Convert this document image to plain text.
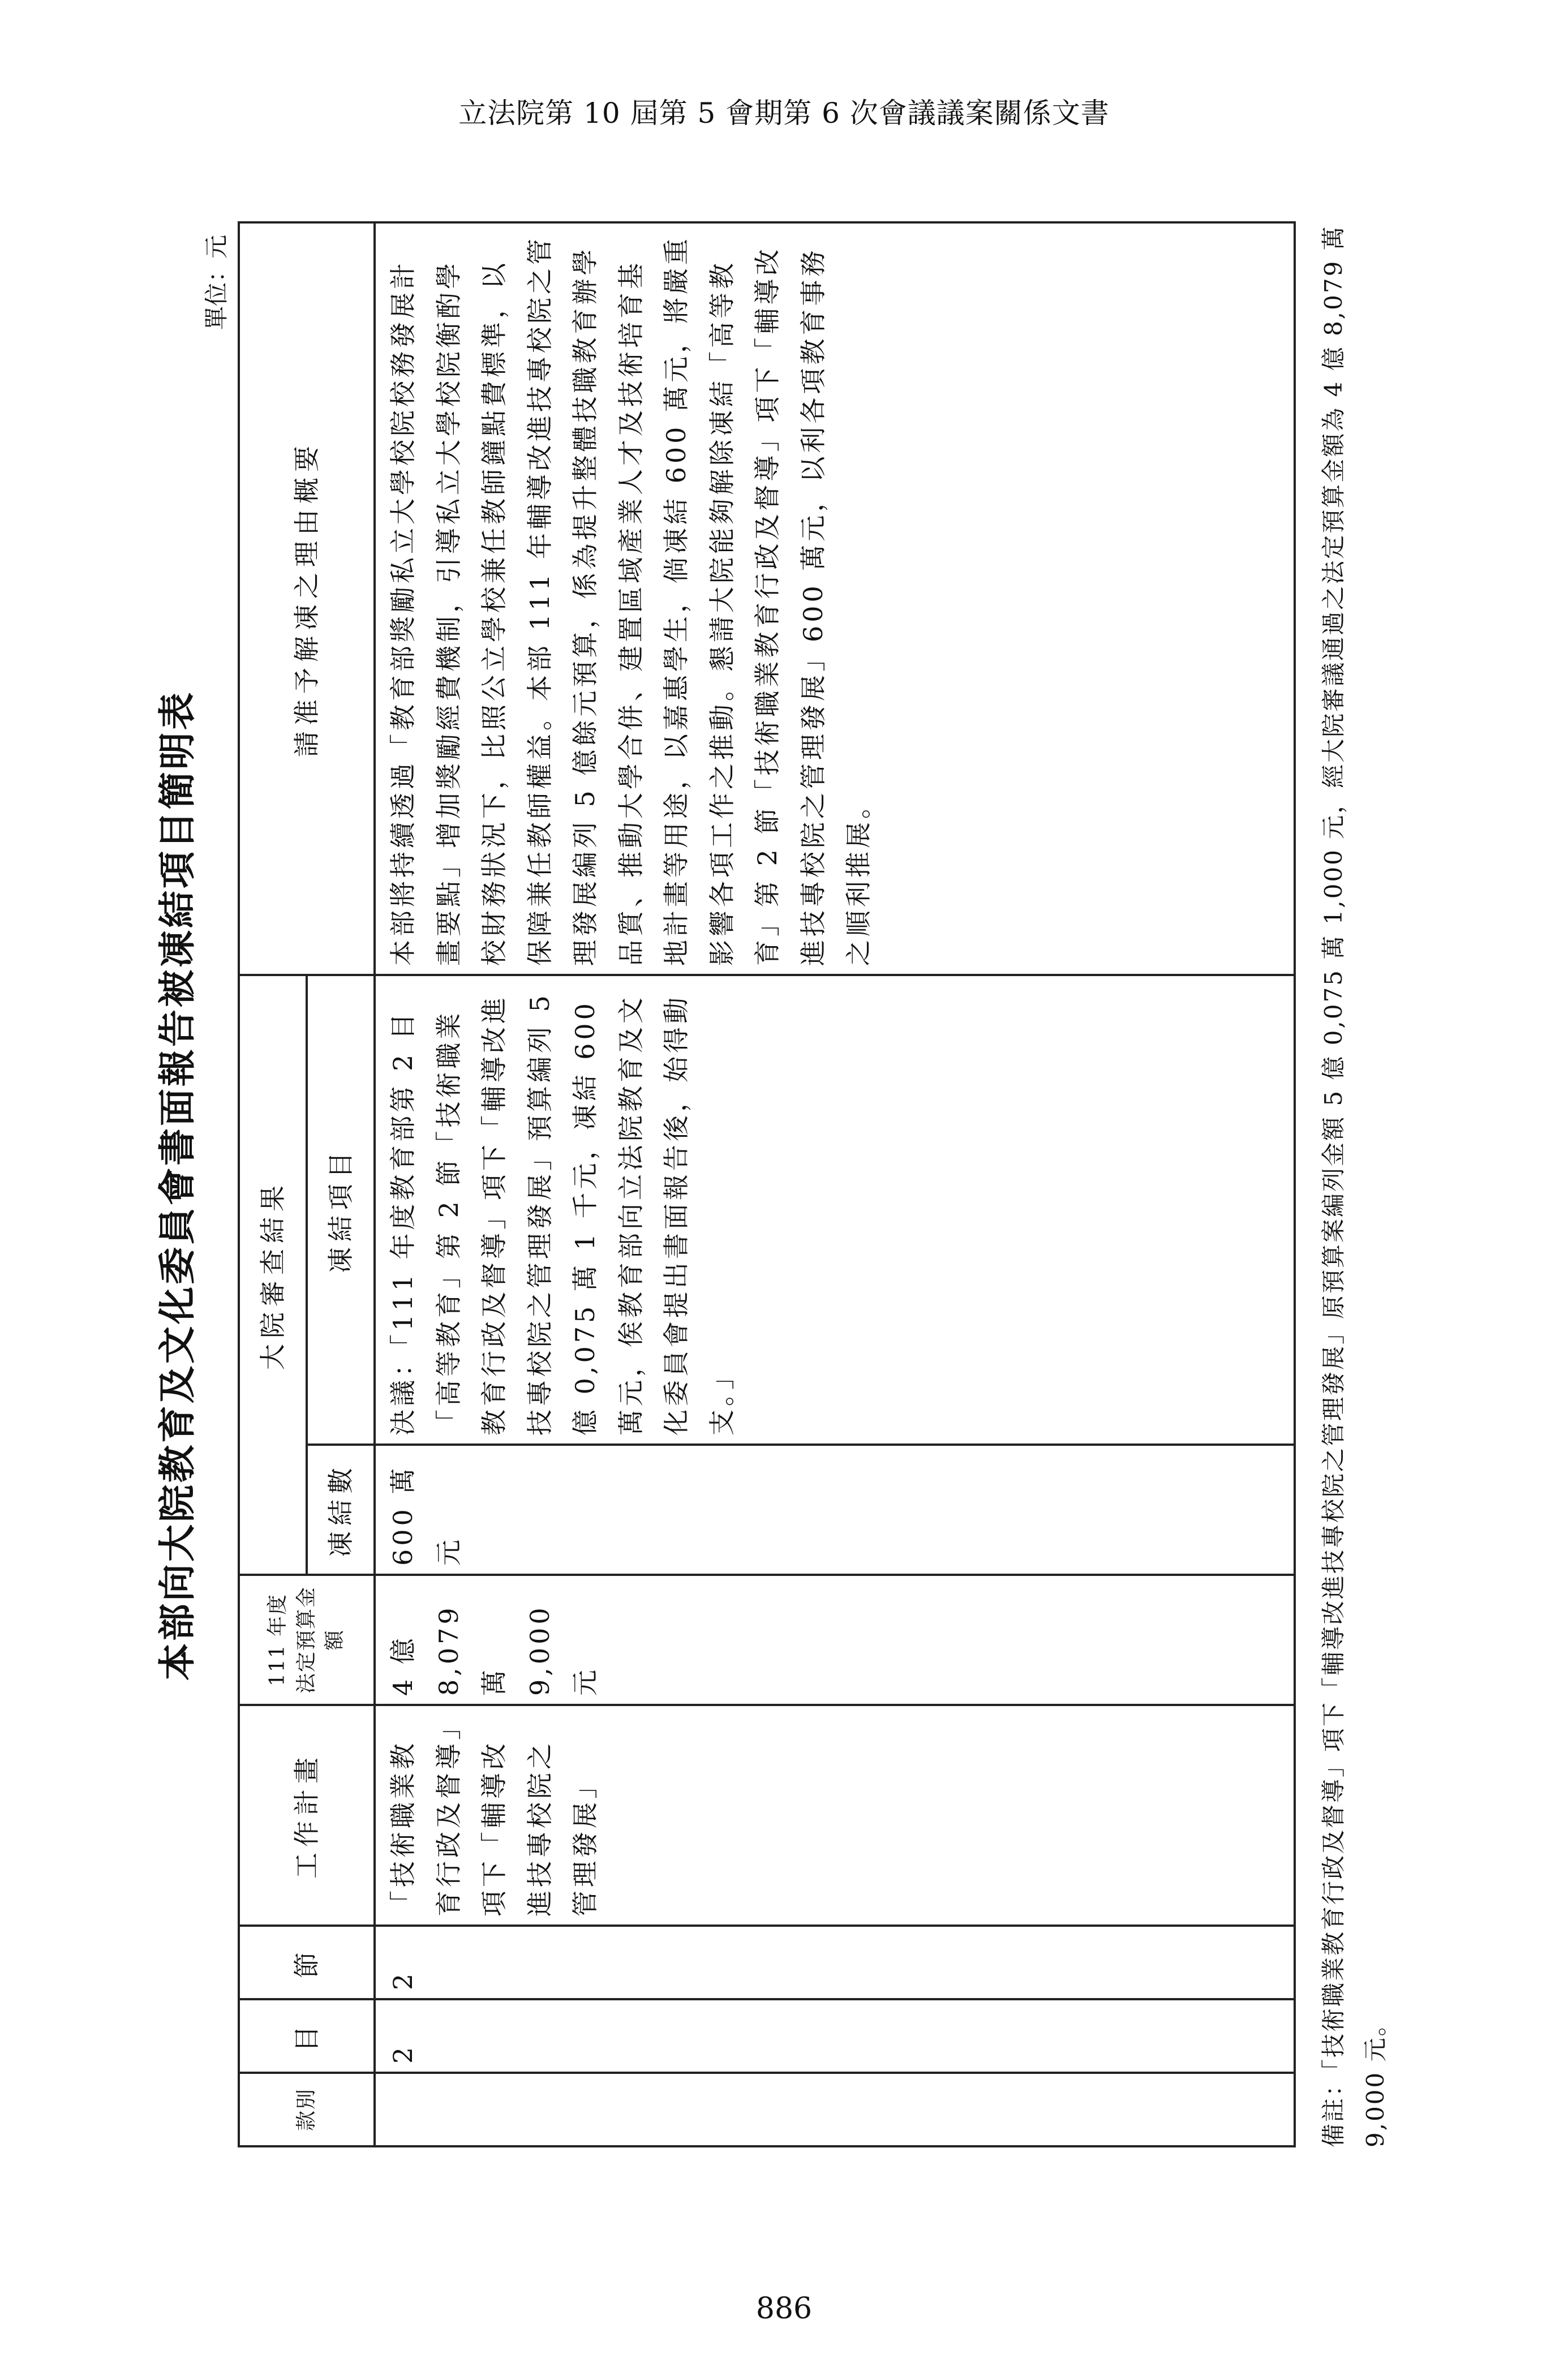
立法院第 10 屆第 5 會期第 6 次會議議案關係文書
本部向大院教育及文化委員會書面報告被凍結項目簡明表
單位：元
款別	目	節	工作計畫	111 年度法定預算金額	大院審查結果		請准予解凍之理由概要
					凍結數	凍結項目	
	2	2	「技術職業教育行政及督導」項下「輔導改進技專校院之管理發展」	4 億 8,079 萬 9,000 元	600 萬元	決議：「111 年度教育部第 2 目「高等教育」第 2 節「技術職業教育行政及督導」項下「輔導改進技專校院之管理發展」預算編列 5 億 0,075 萬 1 千元，凍結 600 萬元，俟教育部向立法院教育及文化委員會提出書面報告後，始得動支。」	本部將持續透過「教育部獎勵私立大學校院校務發展計畫要點」增加獎勵經費機制，引導私立大學校院衡酌學校財務狀況下，比照公立學校兼任教師鐘點費標準，以保障兼任教師權益。本部 111 年輔導改進技專校院之管理發展編列 5 億餘元預算，係為提升整體技職教育辦學品質、推動大學合併、建置區域產業人才及技術培育基地計畫等用途，以嘉惠學生，倘凍結 600 萬元，將嚴重影響各項工作之推動。懇請大院能夠解除凍結「高等教育」第 2 節「技術職業教育行政及督導」項下「輔導改進技專校院之管理發展」600 萬元，以利各項教育事務之順利推展。	備註：「技術職業教育行政及督導」項下「輔導改進技專校院之管理發展」原預算案編列金額 5 億 0,075 萬 1,000 元，經大院審議通過之法定預算金額為 4 億 8,079 萬 9,000 元。
886
